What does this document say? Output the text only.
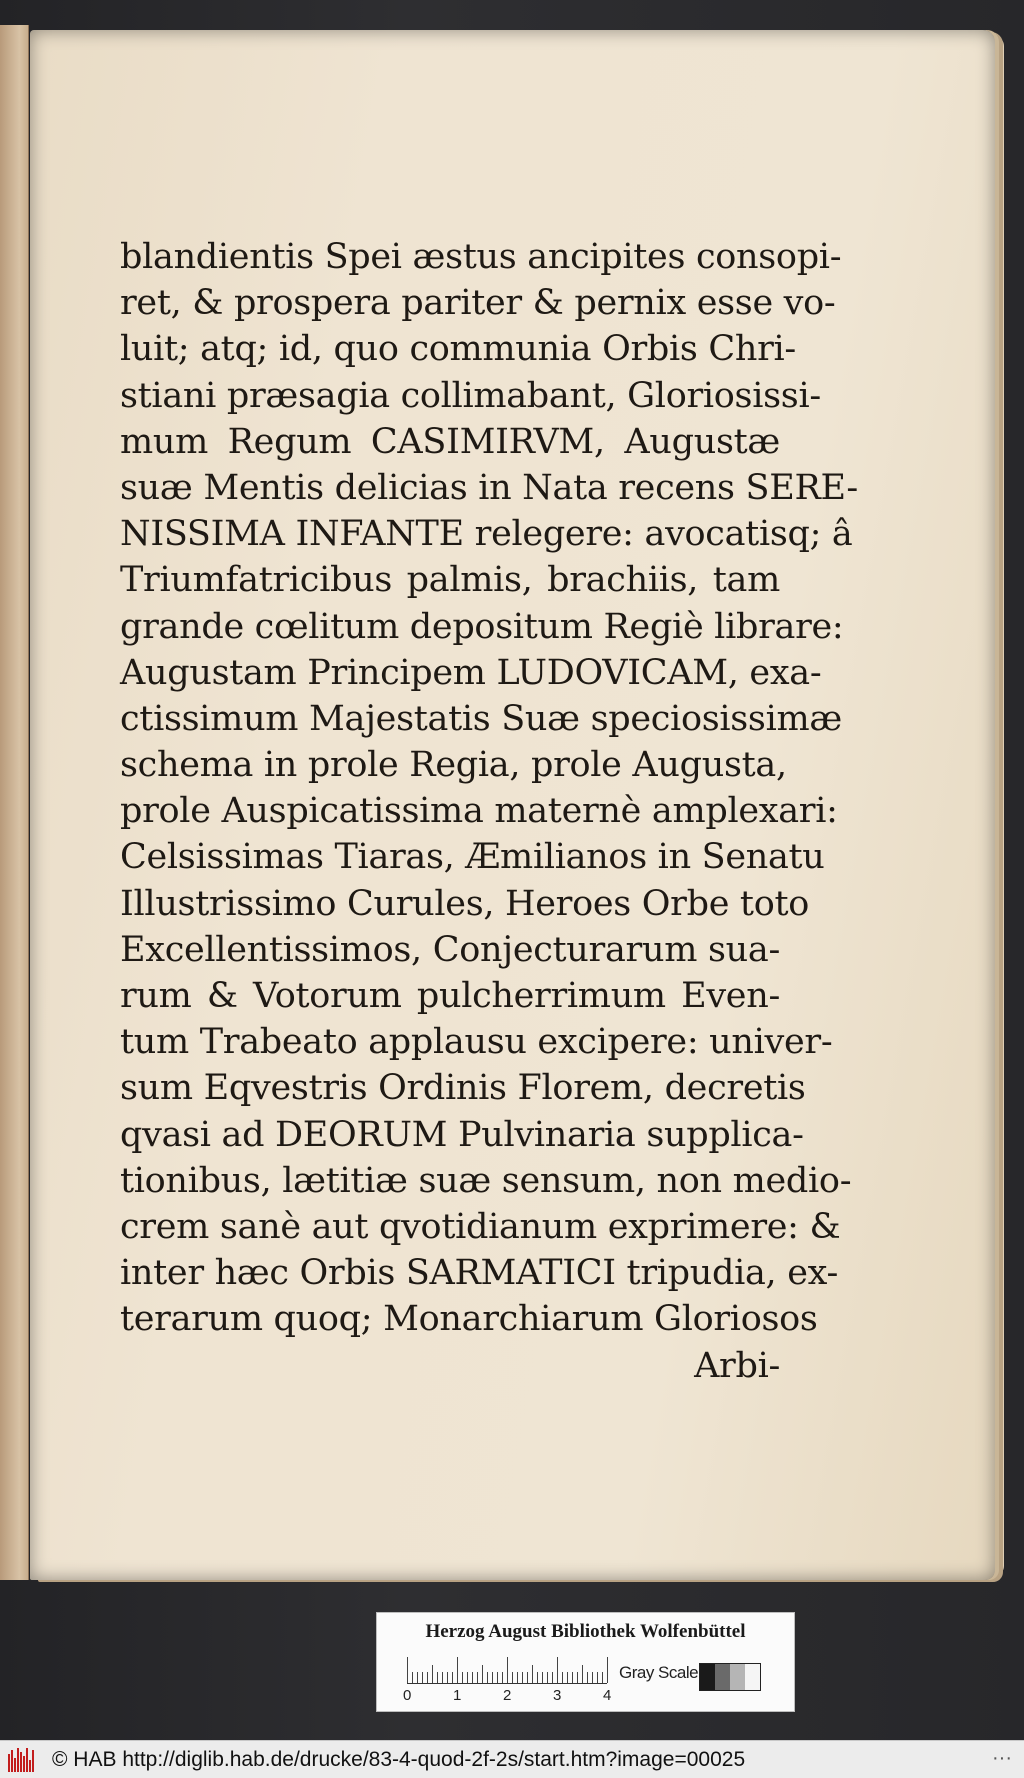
blandientis Spei æstus ancipites consopi-
ret, & prospera pariter & pernix esse vo-
luit; atq; id, quo communia Orbis Chri-
stiani præsagia collimabant, Gloriosissi-
mum Regum CASIMIRVM, Augustæ
suæ Mentis delicias in Nata recens SERE-
NISSIMA INFANTE relegere: avocatisq; â
Triumfatricibus palmis, brachiis, tam
grande cœlitum depositum Regiè librare:
Augustam Principem LUDOVICAM, exa-
ctissimum Majestatis Suæ speciosissimæ
schema in prole Regia, prole Augusta,
prole Auspicatissima maternè amplexari:
Celsissimas Tiaras, Æmilianos in Senatu
Illustrissimo Curules, Heroes Orbe toto
Excellentissimos, Conjecturarum sua-
rum & Votorum pulcherrimum Even-
tum Trabeato applausu excipere: univer-
sum Eqvestris Ordinis Florem, decretis
qvasi ad DEORUM Pulvinaria supplica-
tionibus, lætitiæ suæ sensum, non medio-
crem sanè aut qvotidianum exprimere: &
inter hæc Orbis SARMATICI tripudia, ex-
terarum quoq; Monarchiarum Gloriosos
Arbi-
Herzog August Bibliothek Wolfenbüttel
0	1	2	3	4
Gray Scale
© HAB http://diglib.hab.de/drucke/83-4-quod-2f-2s/start.htm?image=00025	···
